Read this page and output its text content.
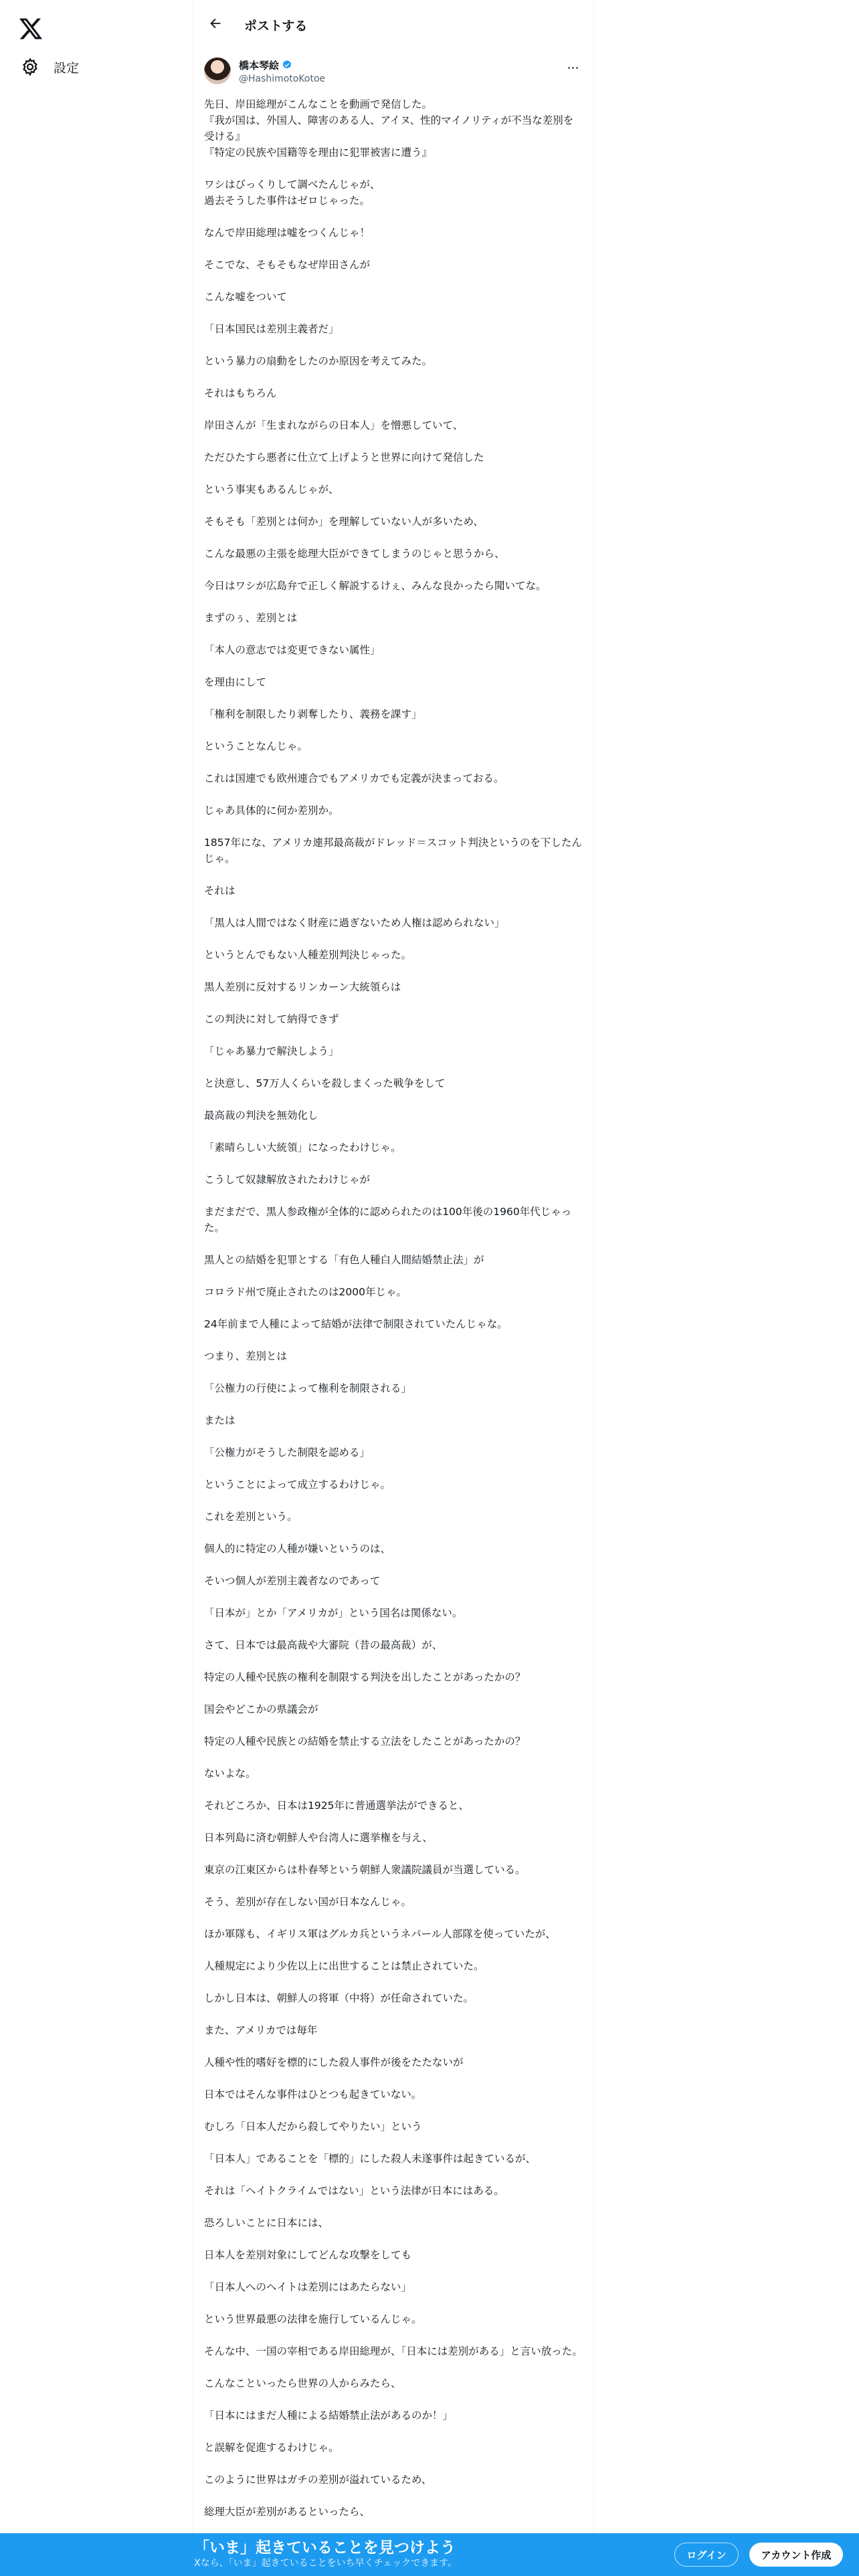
設定
ポストする
橋本琴絵
@HashimotoKotoe

先日、岸田総理がこんなことを動画で発信した。
『我が国は、外国人、障害のある人、アイヌ、性的マイノリティが不当な差別を受ける』
『特定の民族や国籍等を理由に犯罪被害に遭う』

ワシはびっくりして調べたんじゃが、
過去そうした事件はゼロじゃった。

なんで岸田総理は嘘をつくんじゃ！

そこでな、そもそもなぜ岸田さんが

こんな嘘をついて

「日本国民は差別主義者だ」

という暴力の扇動をしたのか原因を考えてみた。

それはもちろん

岸田さんが「生まれながらの日本人」を憎悪していて、

ただひたすら悪者に仕立て上げようと世界に向けて発信した

という事実もあるんじゃが、

そもそも「差別とは何か」を理解していない人が多いため、

こんな最悪の主張を総理大臣ができてしまうのじゃと思うから、

今日はワシが広島弁で正しく解説するけぇ、みんな良かったら聞いてな。

まずのぅ、差別とは

「本人の意志では変更できない属性」

を理由にして

「権利を制限したり剥奪したり、義務を課す」

ということなんじゃ。

これは国連でも欧州連合でもアメリカでも定義が決まっておる。

じゃあ具体的に何か差別か。

1857年にな、アメリカ連邦最高裁がドレッド＝スコット判決というのを下したんじゃ。

それは

「黒人は人間ではなく財産に過ぎないため人権は認められない」

というとんでもない人種差別判決じゃった。

黒人差別に反対するリンカーン大統領らは

この判決に対して納得できず

「じゃあ暴力で解決しよう」

と決意し、57万人くらいを殺しまくった戦争をして

最高裁の判決を無効化し

「素晴らしい大統領」になったわけじゃ。

こうして奴隷解放されたわけじゃが

まだまだで、黒人参政権が全体的に認められたのは100年後の1960年代じゃった。

黒人との結婚を犯罪とする「有色人種白人間結婚禁止法」が

コロラド州で廃止されたのは2000年じゃ。

24年前まで人種によって結婚が法律で制限されていたんじゃな。

つまり、差別とは

「公権力の行使によって権利を制限される」

または

「公権力がそうした制限を認める」

ということによって成立するわけじゃ。

これを差別という。

個人的に特定の人種が嫌いというのは、

そいつ個人が差別主義者なのであって

「日本が」とか「アメリカが」という国名は関係ない。

さて、日本では最高裁や大審院（昔の最高裁）が、

特定の人種や民族の権利を制限する判決を出したことがあったかの？

国会やどこかの県議会が

特定の人種や民族との結婚を禁止する立法をしたことがあったかの？

ないよな。

それどころか、日本は1925年に普通選挙法ができると、

日本列島に済む朝鮮人や台湾人に選挙権を与え、

東京の江東区からは朴春琴という朝鮮人衆議院議員が当選している。

そう、差別が存在しない国が日本なんじゃ。

ほか軍隊も、イギリス軍はグルカ兵というネパール人部隊を使っていたが、

人種規定により少佐以上に出世することは禁止されていた。

しかし日本は、朝鮮人の将軍（中将）が任命されていた。

また、アメリカでは毎年

人種や性的嗜好を標的にした殺人事件が後をたたないが

日本ではそんな事件はひとつも起きていない。

むしろ「日本人だから殺してやりたい」という

「日本人」であることを「標的」にした殺人未遂事件は起きているが、

それは「ヘイトクライムではない」という法律が日本にはある。

恐ろしいことに日本には、

日本人を差別対象にしてどんな攻撃をしても

「日本人へのヘイトは差別にはあたらない」

という世界最悪の法律を施行しているんじゃ。

そんな中、一国の宰相である岸田総理が、「日本には差別がある」と言い放った。

こんなこといったら世界の人からみたら、

「日本にはまだ人種による結婚禁止法があるのか！」

と誤解を促進するわけじゃ。

このように世界はガチの差別が溢れているため、

総理大臣が差別があるといったら、

「いま」起きていることを見つけよう
Xなら、「いま」起きていることをいち早くチェックできます。
ログイン	アカウント作成
